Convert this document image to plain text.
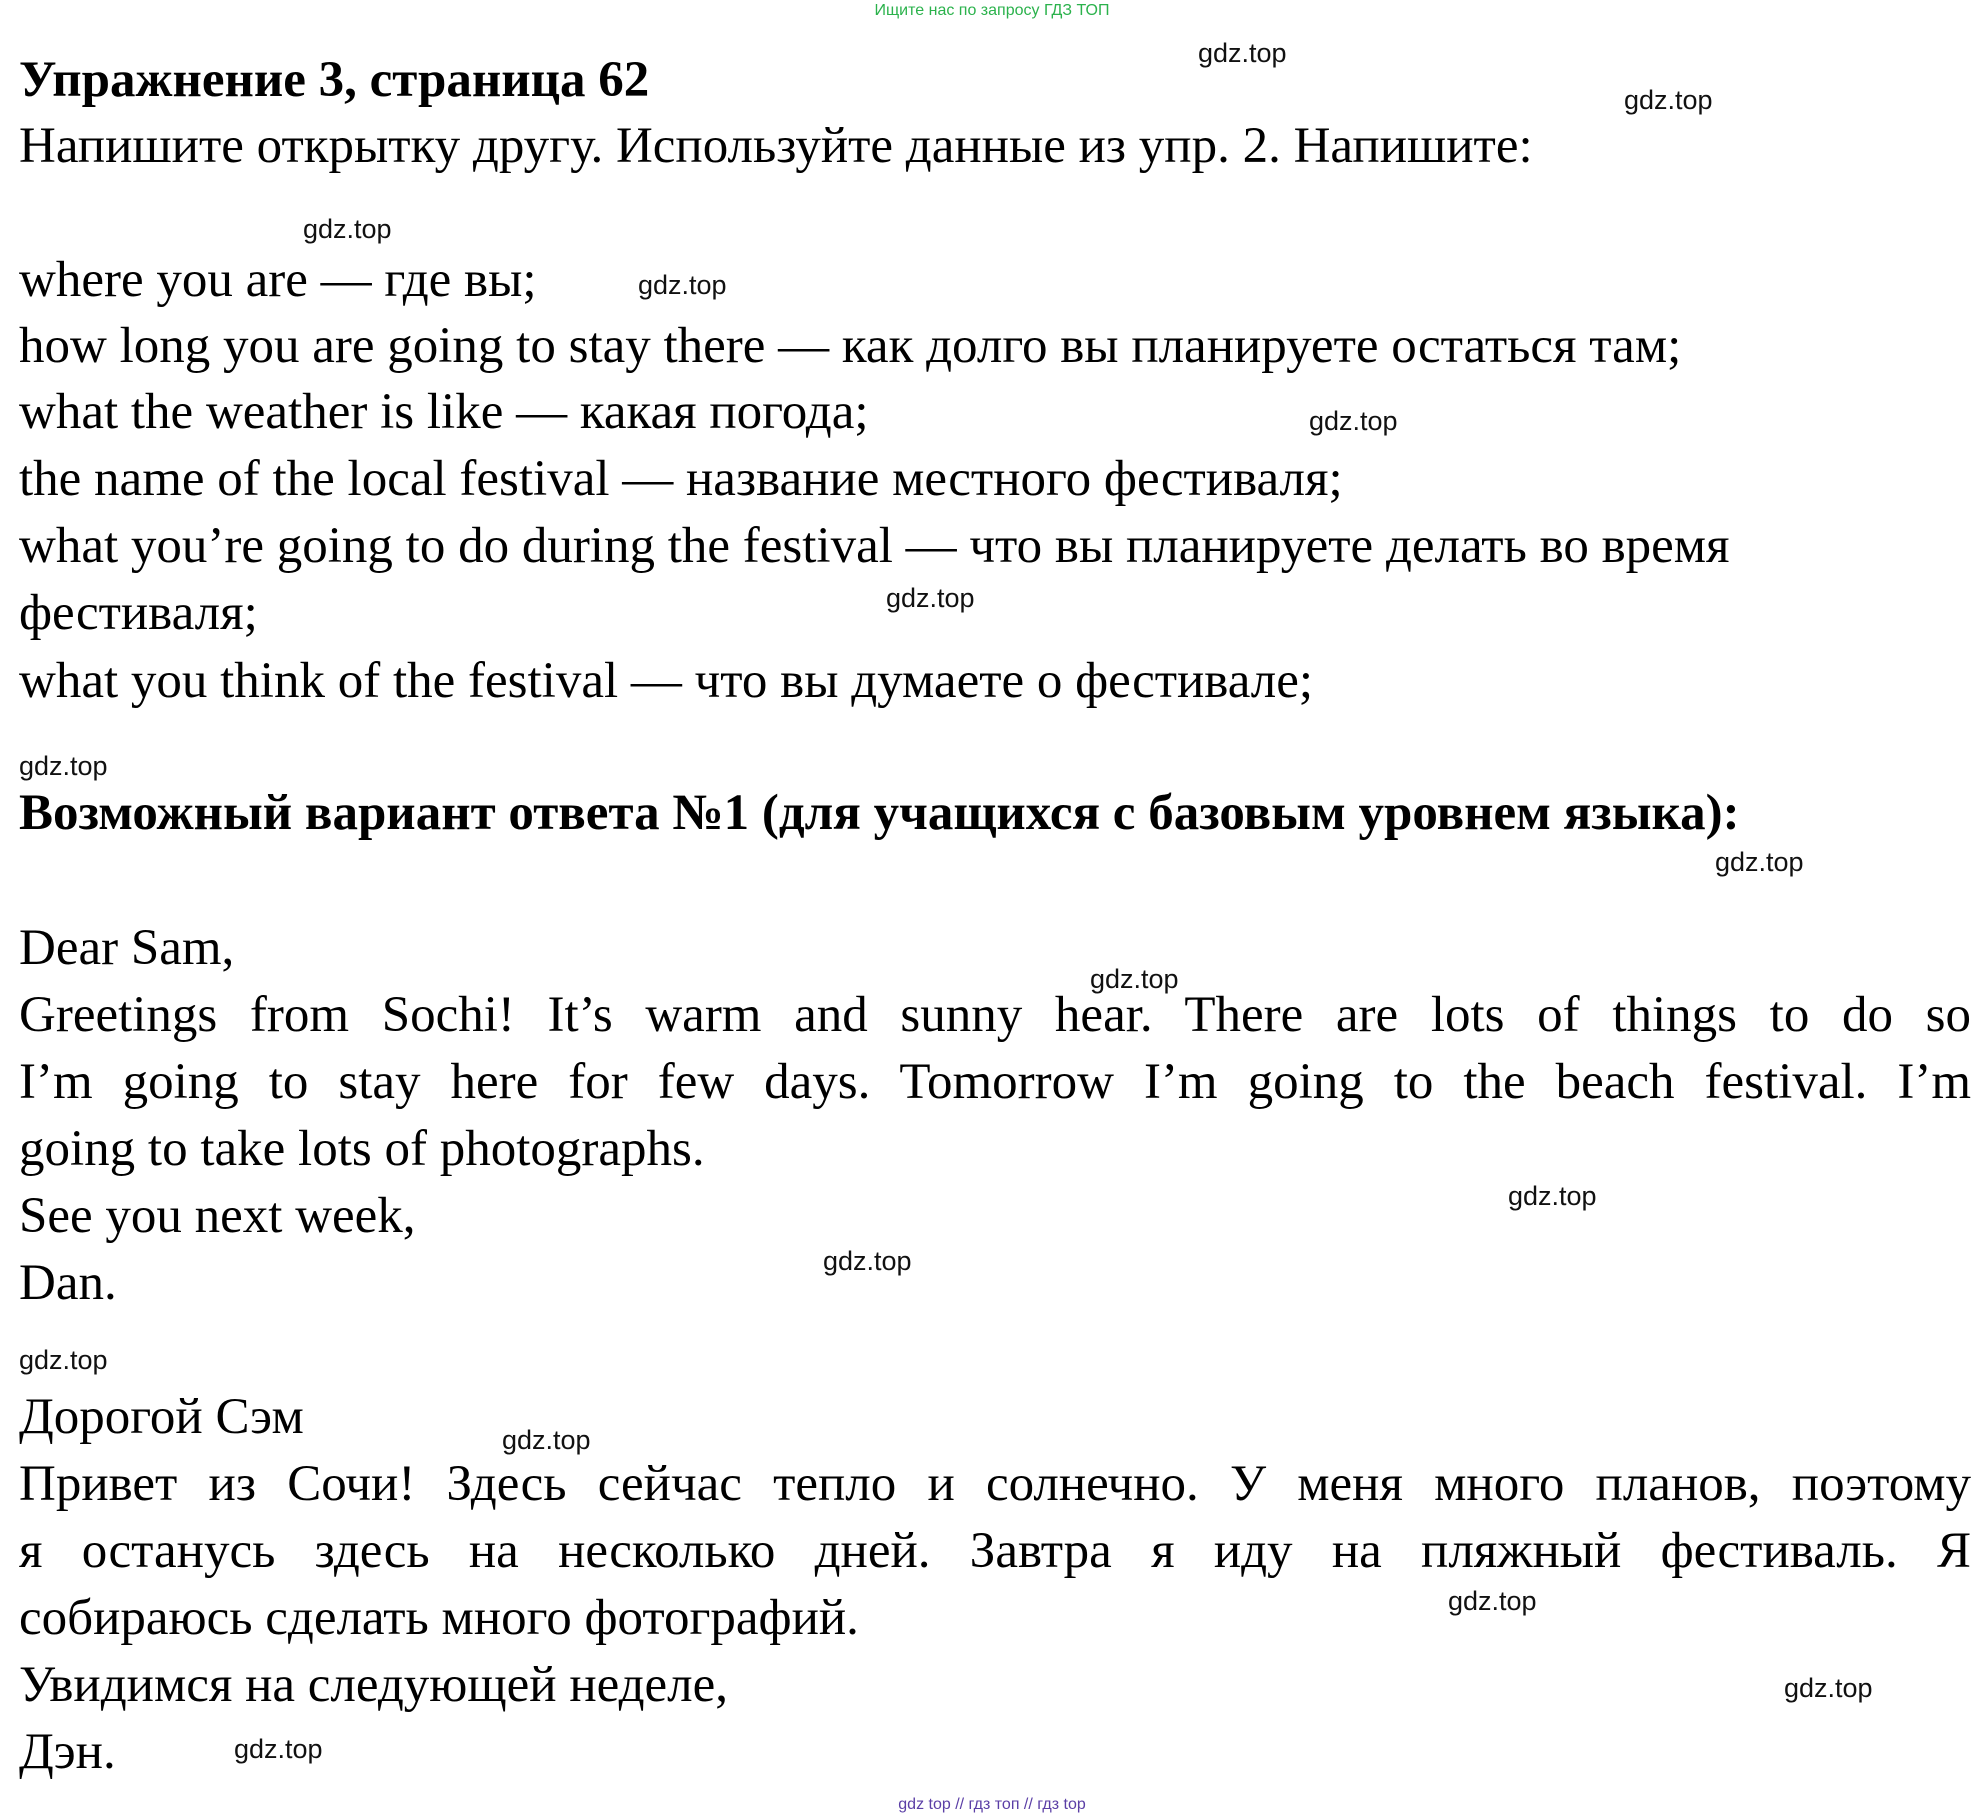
Ищите нас по запросу ГДЗ ТОП
Упражнение 3, страница 62
Напишите открытку другу. Используйте данные из упр. 2. Напишите:
where you are — где вы;
how long you are going to stay there — как долго вы планируете остаться там;
what the weather is like — какая погода;
the name of the local festival — название местного фестиваля;
what you’re going to do during the festival — что вы планируете делать во время
фестиваля;
what you think of the festival — что вы думаете о фестивале;
Возможный вариант ответа №1 (для учащихся с базовым уровнем языка):
Dear Sam,
Greetings from Sochi! It’s warm and sunny hear. There are lots of things to do so
I’m going to stay here for few days. Tomorrow I’m going to the beach festival. I’m
going to take lots of photographs.
See you next week,
Dan.
Дорогой Сэм
Привет из Сочи! Здесь сейчас тепло и солнечно. У меня много планов, поэтому
я останусь здесь на несколько дней. Завтра я иду на пляжный фестиваль. Я
собираюсь сделать много фотографий.
Увидимся на следующей неделе,
Дэн.
gdz.top
gdz.top
gdz.top
gdz.top
gdz.top
gdz.top
gdz.top
gdz.top
gdz.top
gdz.top
gdz.top
gdz.top
gdz.top
gdz.top
gdz.top
gdz.top
gdz top // гдз топ // гдз top
